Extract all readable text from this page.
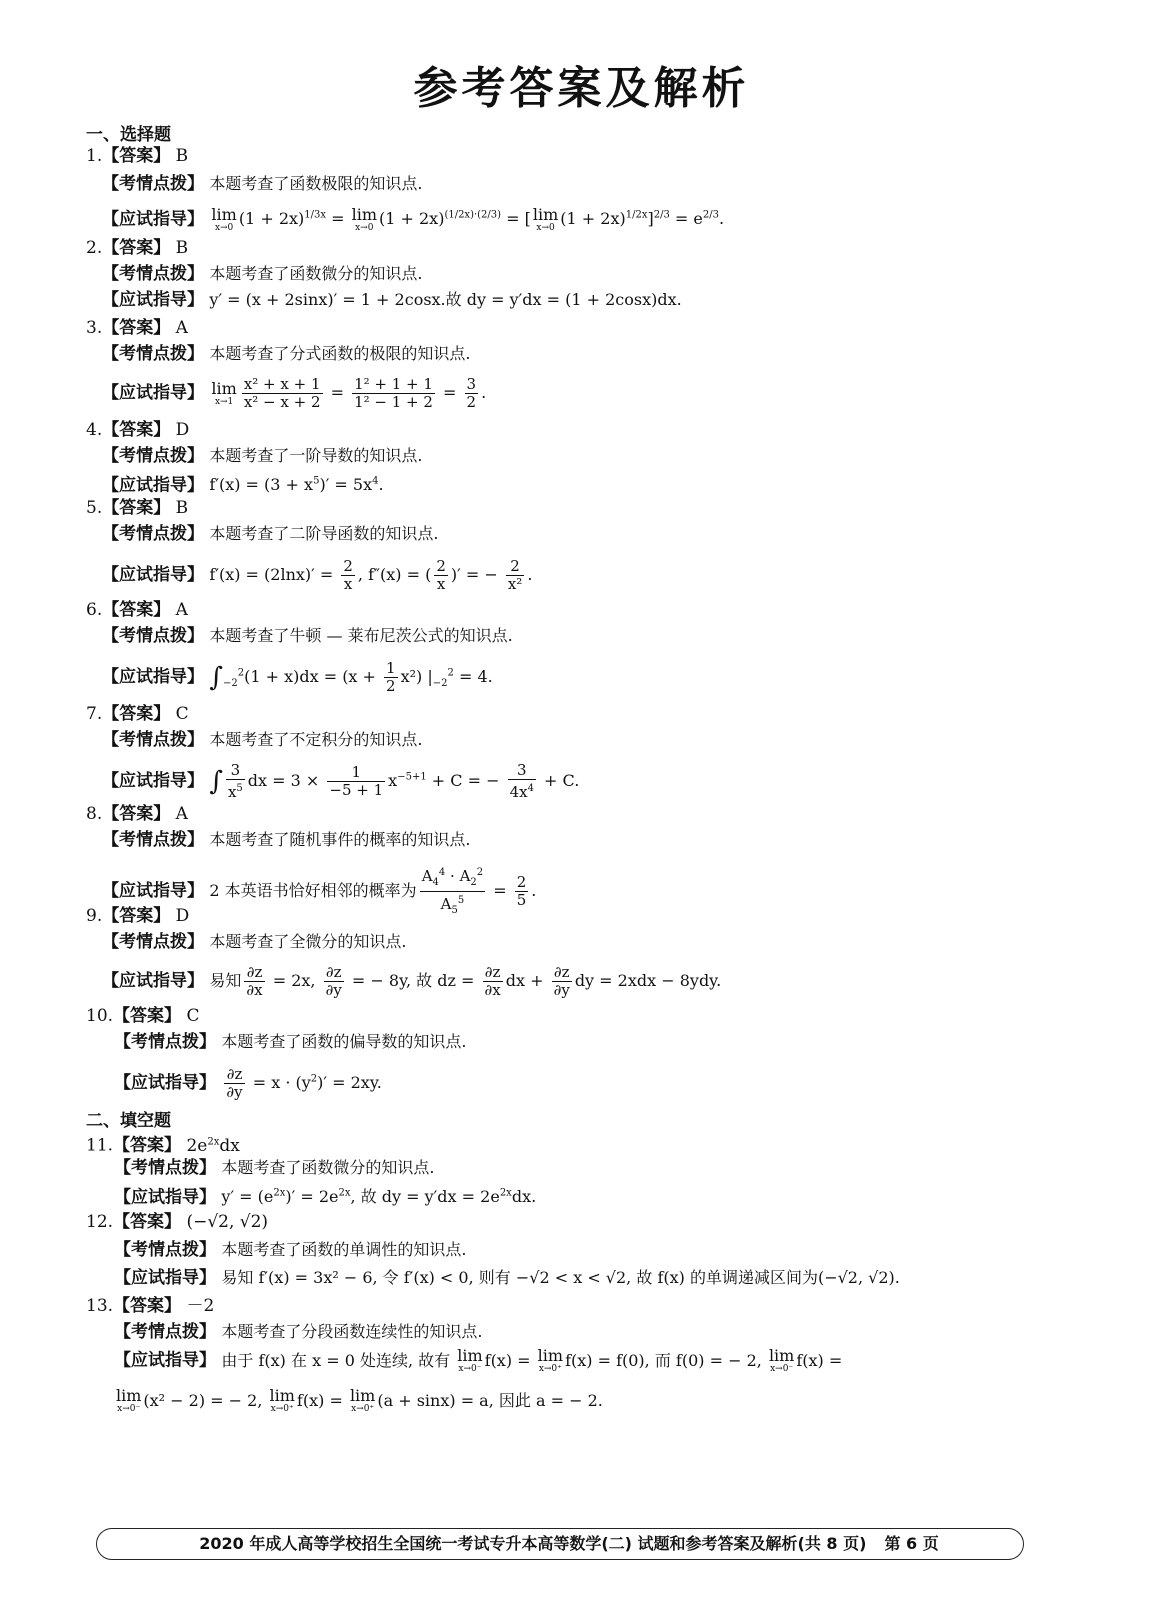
参考答案及解析
一、选择题
1.【答案】 B
【考情点拨】 本题考查了函数极限的知识点.
【应试指导】 lim
x→0 $(1 + 2x)^{1/3x} = \lim$
x→0 $(1 + 2x)^{(1/2x)\cdot(2/3)}$ = [ lim
x→0 $(1 + 2x)^{1/2x}]^{2/3} = e^{2/3}$.
2.【答案】 B
【考情点拨】 本题考查了函数微分的知识点.
【应试指导】 y′ = (x + 2sinx)′ = 1 + 2cosx.故 dy = y′dx = (1 + 2cosx)dx.
3.【答案】 A
【考情点拨】 本题考查了分式函数的极限的知识点.
【应试指导】 lim
$x\to 1 \frac{\text{x² + x + 1}}{\text{x² − x + 2}} = \frac{\text{1² + 1 + 1}}{\text{1² − 1 + 2}} = \frac{3}{2}$ .
4.【答案】 D
【考情点拨】 本题考查了一阶导数的知识点.
【应试指导】 $f'(x) = (3 + x^5)' = 5x^4$.
5.【答案】 B
【考情点拨】 本题考查了二阶导函数的知识点.
【应试指导】 $f'(x) = (2\ln x)' = \frac{2}{x}$ , f″(x) = ( $\frac{2}{x}$ )′ = − $\frac{2}{\text{x²}}$ .
6.【答案】 A
【考情点拨】 本题考查了牛顿 — 莱布尼茨公式的知识点.
【应试指导】 $\int_{-2}^2(1 + x)dx = (x + \frac{1}{2} x^2) |_{-2}^2 = 4$.
7.【答案】 C
【考情点拨】 本题考查了不定积分的知识点.
【应试指导】 ∫ $\frac{3}{x^5}$ dx = $3 \times \frac{1}{-5 + 1} x^{-5+1} + C$ = − $\frac{3}{4x^4} + C$.
8.【答案】 A
【考情点拨】 本题考查了随机事件的概率的知识点.
【应试指导】 2 本英语书恰好相邻的概率为 $\frac{A_4^4 \cdot A_2^2}{A_5^5} = \frac{2}{5}$ .
9.【答案】 D
【考情点拨】 本题考查了全微分的知识点.
【应试指导】 易知 $\frac{\partial z}{\partial x} = 2x$, $\frac{\partial z}{\partial y}$ = − 8y, 故 dz = $\frac{\partial z}{\partial x}$ dx + $\frac{\partial z}{\partial y}$ dy = 2xdx − 8ydy.
10.【答案】 C
【考情点拨】 本题考查了函数的偏导数的知识点.
【应试指导】 $\frac{\partial z}{\partial y} = x \cdot (y^2)' = 2xy$.
二、填空题
11.【答案】 $2e^{2x}dx$
【考情点拨】 本题考查了函数微分的知识点.
【应试指导】 $y' = (e^{2x})' = 2e^{2x}$, 故 dy = $y'dx = 2e^{2x}dx$.
12.【答案】 (−√2, √2)
【考情点拨】 本题考查了函数的单调性的知识点.
【应试指导】 易知 f′(x) = 3x² − 6, 令 f′(x) < 0, 则有 −√2 < x < √2, 故 f(x) 的单调递减区间为(−√2, √2).
13.【答案】 －2
【考情点拨】 本题考查了分段函数连续性的知识点.
【应试指导】 由于 f(x) 在 x = 0 处连续, 故有 lim
x→0⁻ f(x) = lim
x→0⁺ f(x) = f(0), 而 f(0) = − 2, lim
x→0⁻ f(x) =
lim
x→0⁻ (x² − 2) = − 2, lim
x→0⁺ f(x) = lim
x→0⁺ (a + sinx) = a, 因此 a = − 2.
2020 年成人高等学校招生全国统一考试专升本高等数学(二) 试题和参考答案及解析(共 8 页) 第 6 页
